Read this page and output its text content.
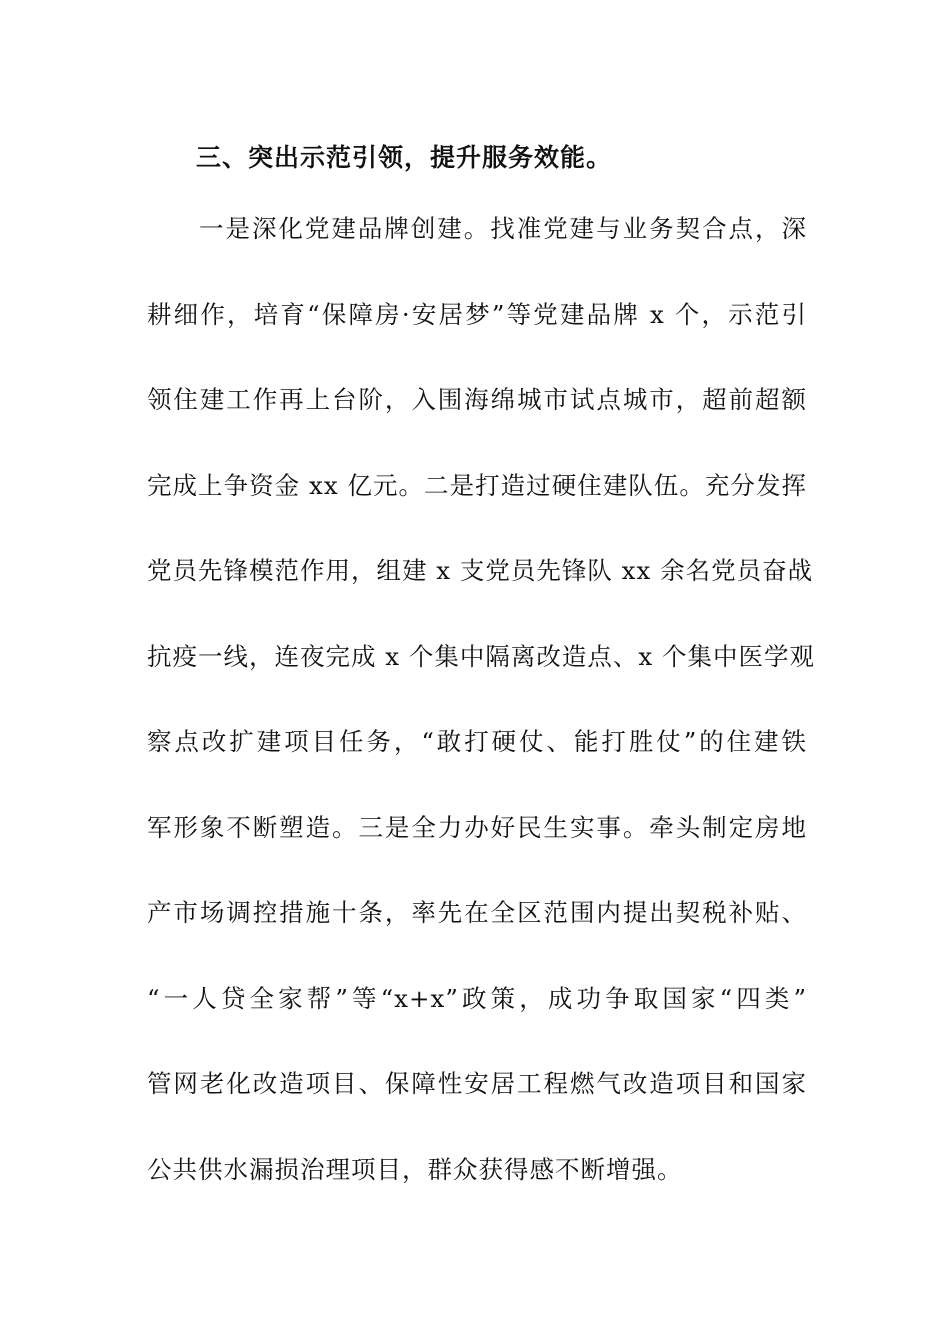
三、突出示范引领，提升服务效能。
一是深化党建品牌创建。找准党建与业务契合点，深
耕细作，培育“保障房·安居梦”等党建品牌 x 个，示范引
领住建工作再上台阶，入围海绵城市试点城市，超前超额
完成上争资金 xx 亿元。二是打造过硬住建队伍。充分发挥
党员先锋模范作用，组建 x 支党员先锋队 xx 余名党员奋战
抗疫一线，连夜完成 x 个集中隔离改造点、x 个集中医学观
察点改扩建项目任务，“敢打硬仗、能打胜仗”的住建铁
军形象不断塑造。三是全力办好民生实事。牵头制定房地
产市场调控措施十条，率先在全区范围内提出契税补贴、
“一人贷全家帮”等“x+x”政策，成功争取国家“四类”
管网老化改造项目、保障性安居工程燃气改造项目和国家
公共供水漏损治理项目，群众获得感不断增强。
